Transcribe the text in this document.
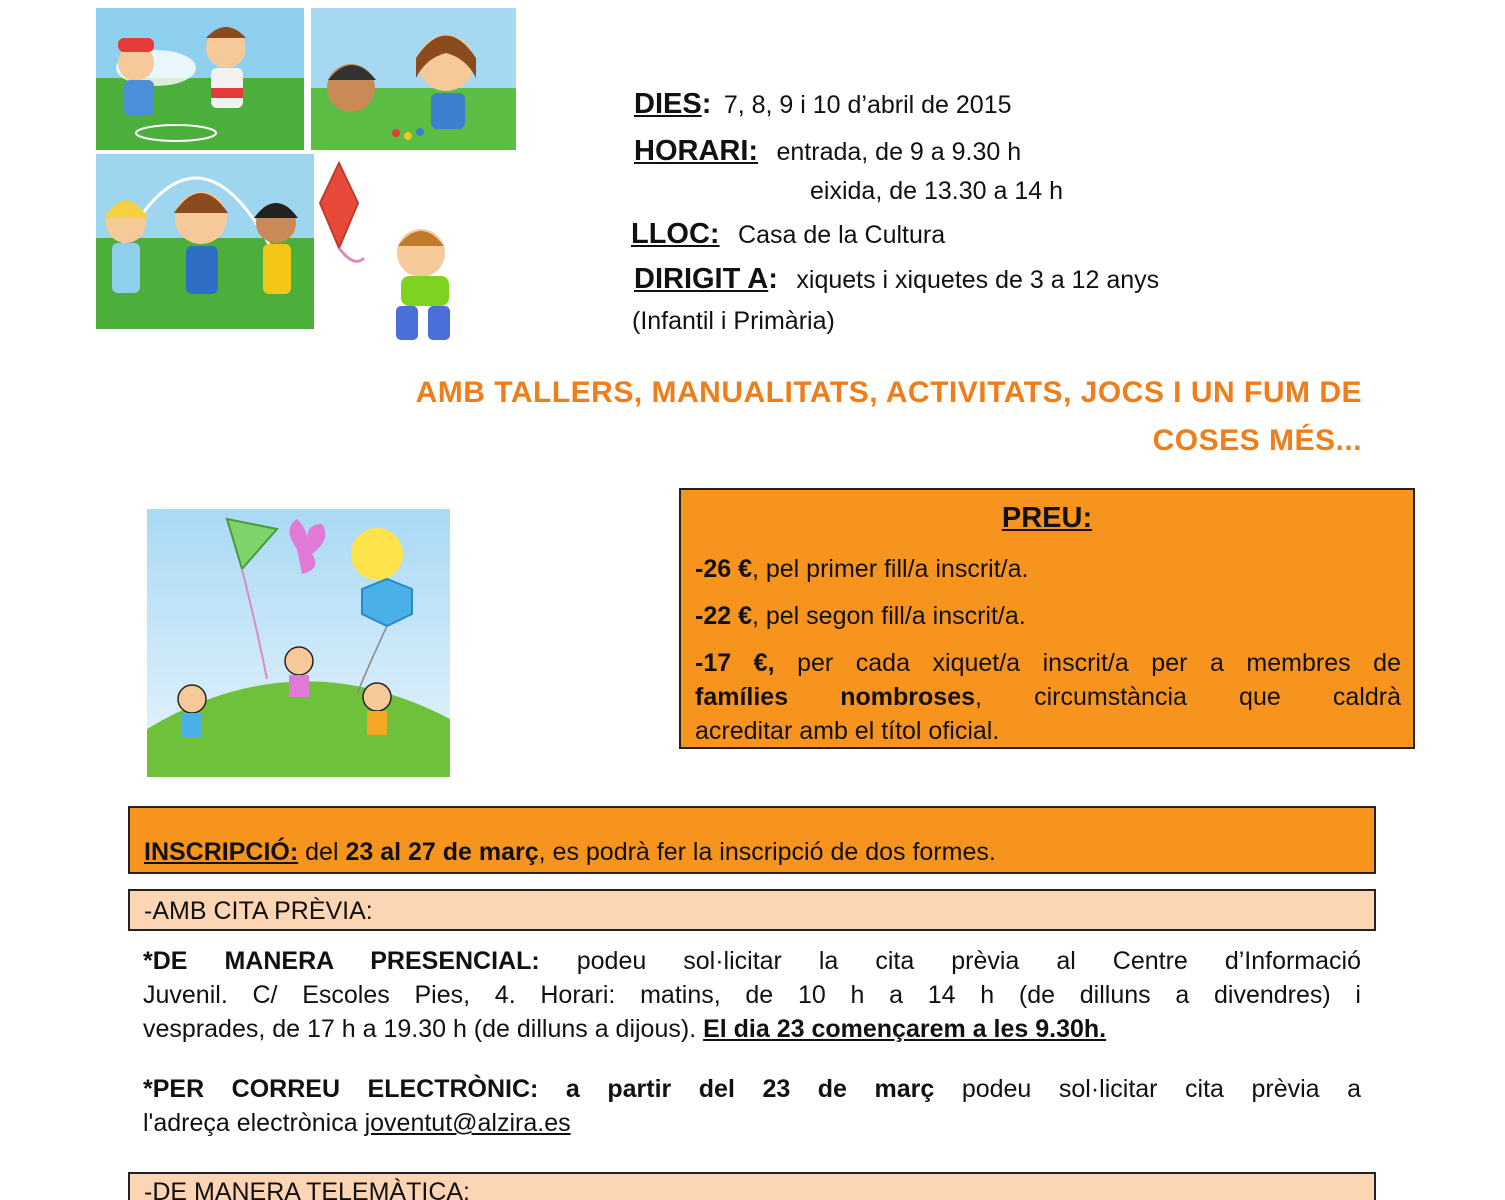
DIES: 7, 8, 9 i 10 d’abril de 2015
HORARI: entrada, de 9 a 9.30 h
eixida, de 13.30 a 14 h
LLOC: Casa de la Cultura
DIRIGIT A: xiquets i xiquetes de 3 a 12 anys
(Infantil i Primària)
AMB TALLERS, MANUALITATS, ACTIVITATS, JOCS I UN FUM DE
COSES MÉS...
PREU:
-26 €, pel primer fill/a inscrit/a.
-22 €, pel segon fill/a inscrit/a.
-17 €, per cada xiquet/a inscrit/a per a membres de
famílies nombroses, circumstància que caldrà
acreditar amb el títol oficial.
INSCRIPCIÓ: del 23 al 27 de març, es podrà fer la inscripció de dos formes.
-AMB CITA PRÈVIA:
*DE MANERA PRESENCIAL: podeu sol·licitar la cita prèvia al Centre d’Informació
Juvenil. C/ Escoles Pies, 4. Horari: matins, de 10 h a 14 h (de dilluns a divendres) i
vesprades, de 17 h a 19.30 h (de dilluns a dijous). El dia 23 començarem a les 9.30h.
*PER CORREU ELECTRÒNIC: a partir del 23 de març podeu sol·licitar cita prèvia a
l'adreça electrònica joventut@alzira.es
-DE MANERA TELEMÀTICA:
